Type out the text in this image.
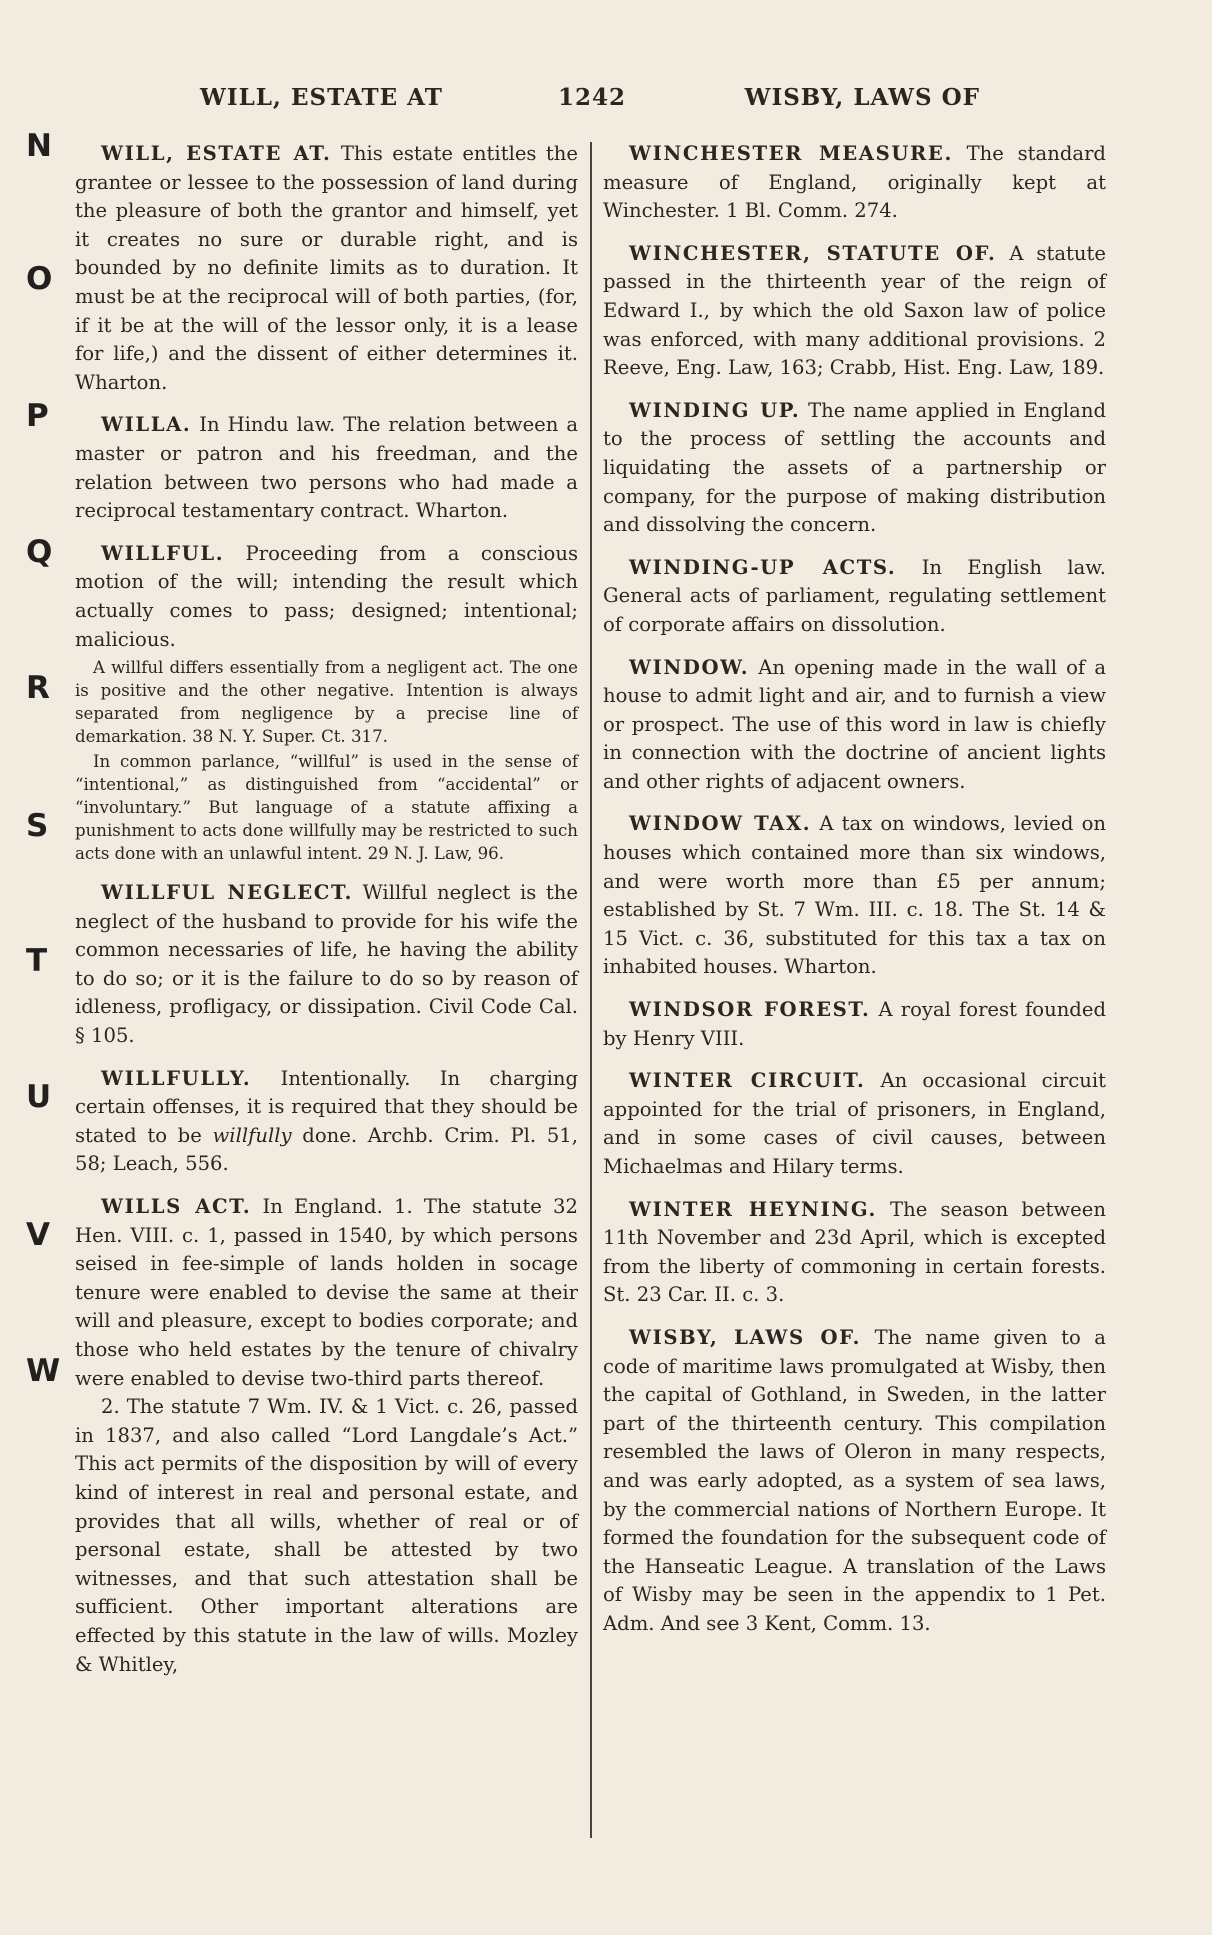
WILL, ESTATE AT	1242	WISBY, LAWS OF
N
O
P
Q
R
S
T
U
V
W

WILL, ESTATE AT. This estate entitles the grantee or lessee to the possession of land during the pleasure of both the grantor and himself, yet it creates no sure or durable right, and is bounded by no definite limits as to duration. It must be at the reciprocal will of both parties, (for, if it be at the will of the lessor only, it is a lease for life,) and the dissent of either determines it. Wharton.

WILLA. In Hindu law. The relation between a master or patron and his freedman, and the relation between two persons who had made a reciprocal testamentary contract. Wharton.

WILLFUL. Proceeding from a conscious motion of the will; intending the result which actually comes to pass; designed; intentional; malicious.

A willful differs essentially from a negligent act. The one is positive and the other negative. Intention is always separated from negligence by a precise line of demarkation. 38 N. Y. Super. Ct. 317.

In common parlance, “willful” is used in the sense of “intentional,” as distinguished from “accidental” or “involuntary.” But language of a statute affixing a punishment to acts done willfully may be restricted to such acts done with an unlawful intent. 29 N. J. Law, 96.

WILLFUL NEGLECT. Willful neglect is the neglect of the husband to provide for his wife the common necessaries of life, he having the ability to do so; or it is the failure to do so by reason of idleness, profligacy, or dissipation. Civil Code Cal. § 105.

WILLFULLY. Intentionally. In charging certain offenses, it is required that they should be stated to be willfully done. Archb. Crim. Pl. 51, 58; Leach, 556.

WILLS ACT. In England. 1. The statute 32 Hen. VIII. c. 1, passed in 1540, by which persons seised in fee-simple of lands holden in socage tenure were enabled to devise the same at their will and pleasure, except to bodies corporate; and those who held estates by the tenure of chivalry were enabled to devise two-third parts thereof.

2. The statute 7 Wm. IV. & 1 Vict. c. 26, passed in 1837, and also called “Lord Langdale’s Act.” This act permits of the disposition by will of every kind of interest in real and personal estate, and provides that all wills, whether of real or of personal estate, shall be attested by two witnesses, and that such attestation shall be sufficient. Other important alterations are effected by this statute in the law of wills. Mozley & Whitley,

WINCHESTER MEASURE. The standard measure of England, originally kept at Winchester. 1 Bl. Comm. 274.

WINCHESTER, STATUTE OF. A statute passed in the thirteenth year of the reign of Edward I., by which the old Saxon law of police was enforced, with many additional provisions. 2 Reeve, Eng. Law, 163; Crabb, Hist. Eng. Law, 189.

WINDING UP. The name applied in England to the process of settling the accounts and liquidating the assets of a partnership or company, for the purpose of making distribution and dissolving the concern.

WINDING-UP ACTS. In English law. General acts of parliament, regulating settlement of corporate affairs on dissolution.

WINDOW. An opening made in the wall of a house to admit light and air, and to furnish a view or prospect. The use of this word in law is chiefly in connection with the doctrine of ancient lights and other rights of adjacent owners.

WINDOW TAX. A tax on windows, levied on houses which contained more than six windows, and were worth more than £5 per annum; established by St. 7 Wm. III. c. 18. The St. 14 & 15 Vict. c. 36, substituted for this tax a tax on inhabited houses. Wharton.

WINDSOR FOREST. A royal forest founded by Henry VIII.

WINTER CIRCUIT. An occasional circuit appointed for the trial of prisoners, in England, and in some cases of civil causes, between Michaelmas and Hilary terms.

WINTER HEYNING. The season between 11th November and 23d April, which is excepted from the liberty of commoning in certain forests. St. 23 Car. II. c. 3.

WISBY, LAWS OF. The name given to a code of maritime laws promulgated at Wisby, then the capital of Gothland, in Sweden, in the latter part of the thirteenth century. This compilation resembled the laws of Oleron in many respects, and was early adopted, as a system of sea laws, by the commercial nations of Northern Europe. It formed the foundation for the subsequent code of the Hanseatic League. A translation of the Laws of Wisby may be seen in the appendix to 1 Pet. Adm. And see 3 Kent, Comm. 13.
